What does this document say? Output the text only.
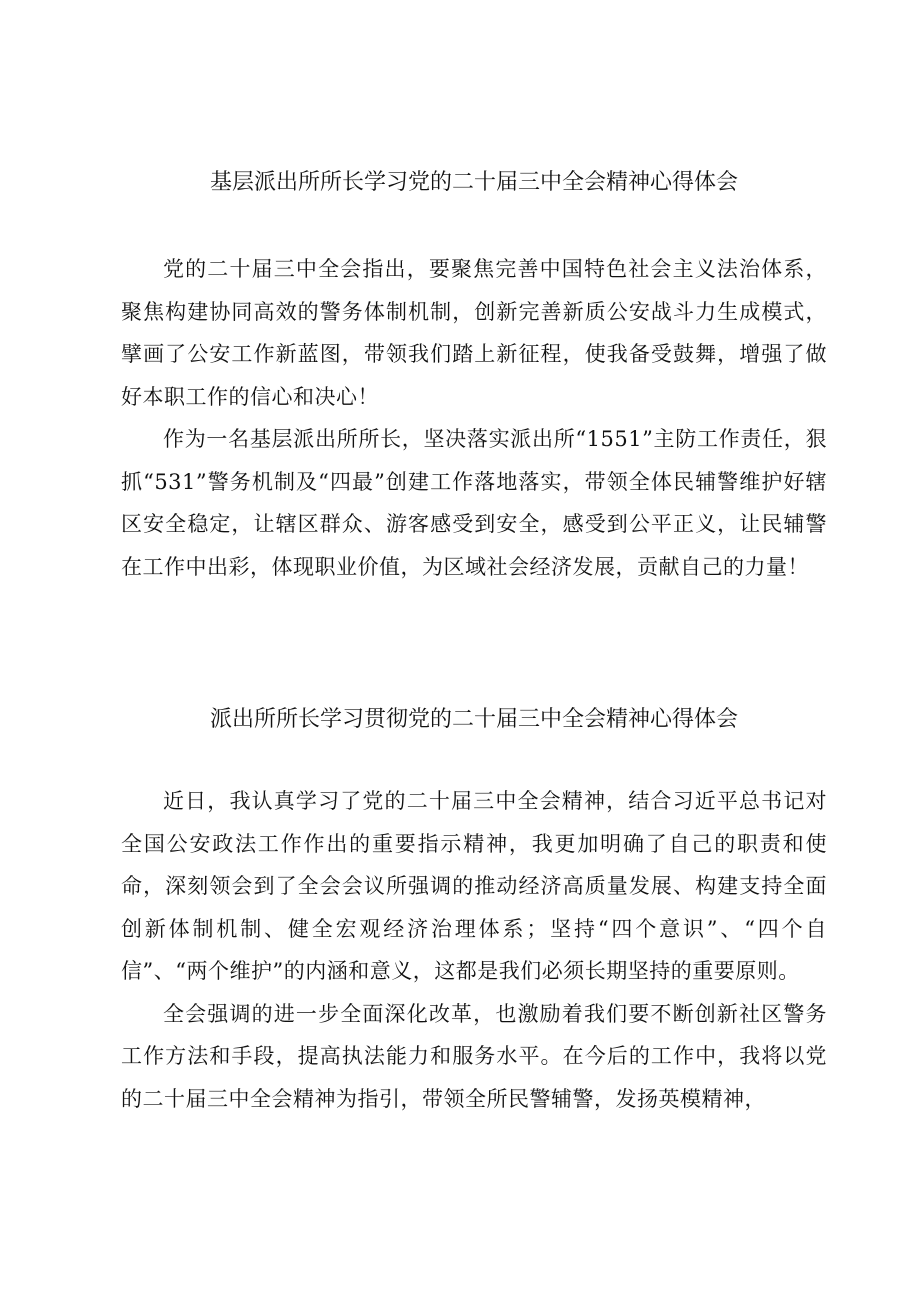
基层派出所所长学习党的二十届三中全会精神心得体会

党的二十届三中全会指出，要聚焦完善中国特色社会主义法治体系，聚焦构建协同高效的警务体制机制，创新完善新质公安战斗力生成模式，擘画了公安工作新蓝图，带领我们踏上新征程，使我备受鼓舞，增强了做好本职工作的信心和决心！

作为一名基层派出所所长，坚决落实派出所“1551”主防工作责任，狠抓“531”警务机制及“四最”创建工作落地落实，带领全体民辅警维护好辖区安全稳定，让辖区群众、游客感受到安全，感受到公平正义，让民辅警在工作中出彩，体现职业价值，为区域社会经济发展，贡献自己的力量！

派出所所长学习贯彻党的二十届三中全会精神心得体会

近日，我认真学习了党的二十届三中全会精神，结合习近平总书记对全国公安政法工作作出的重要指示精神，我更加明确了自己的职责和使命，深刻领会到了全会会议所强调的推动经济高质量发展、构建支持全面创新体制机制、健全宏观经济治理体系；坚持“四个意识”、“四个自信”、“两个维护”的内涵和意义，这都是我们必须长期坚持的重要原则。

全会强调的进一步全面深化改革，也激励着我们要不断创新社区警务工作方法和手段，提高执法能力和服务水平。在今后的工作中，我将以党的二十届三中全会精神为指引，带领全所民警辅警，发扬英模精神，
